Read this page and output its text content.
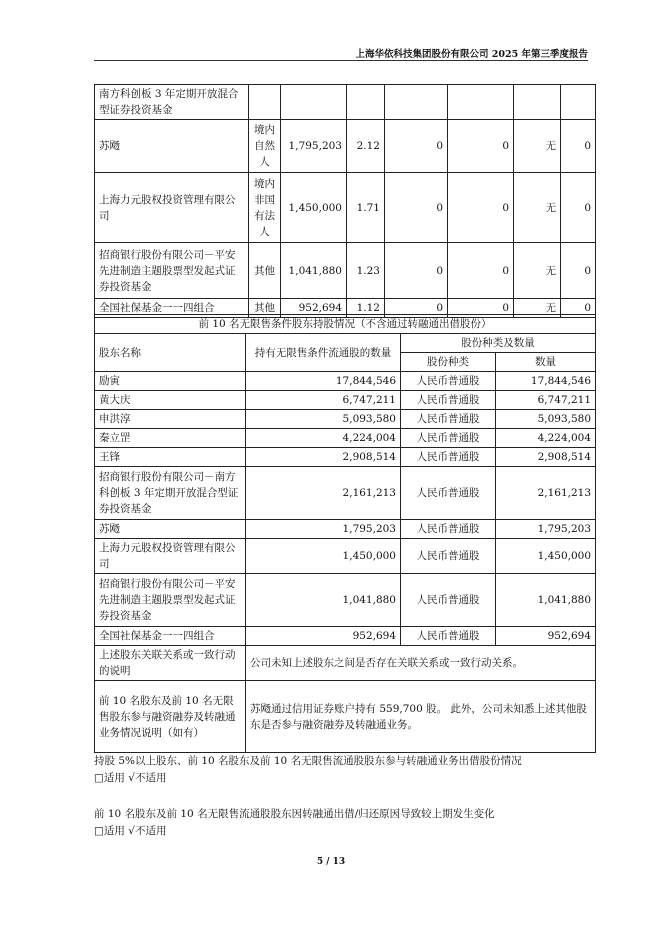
上海华依科技集团股份有限公司 2025 年第三季度报告
南方科创板 3 年定期开放混合型证券投资基金							
苏飏	境内自然人	1,795,203	2.12	0	0	无	0
上海力元股权投资管理有限公司	境内非国有法人	1,450,000	1.71	0	0	无	0
招商银行股份有限公司－平安先进制造主题股票型发起式证券投资基金	其他	1,041,880	1.23	0	0	无	0
全国社保基金一一四组合	其他	952,694	1.12	0	0	无	0
前 10 名无限售条件股东持股情况（不含通过转融通出借股份）			
股东名称	持有无限售条件流通股的数量	股份种类及数量	
		股份种类	数量
励寅	17,844,546	人民币普通股	17,844,546
黄大庆	6,747,211	人民币普通股	6,747,211
申洪淳	5,093,580	人民币普通股	5,093,580
秦立罡	4,224,004	人民币普通股	4,224,004
王锋	2,908,514	人民币普通股	2,908,514
招商银行股份有限公司－南方科创板 3 年定期开放混合型证券投资基金	2,161,213	人民币普通股	2,161,213
苏飏	1,795,203	人民币普通股	1,795,203
上海力元股权投资管理有限公司	1,450,000	人民币普通股	1,450,000
招商银行股份有限公司－平安先进制造主题股票型发起式证券投资基金	1,041,880	人民币普通股	1,041,880
全国社保基金一一四组合	952,694	人民币普通股	952,694
上述股东关联关系或一致行动的说明	公司未知上述股东之间是否存在关联关系或一致行动关系。		
前 10 名股东及前 10 名无限售股东参与融资融券及转融通业务情况说明（如有）	苏飏通过信用证券账户持有 559,700 股。 此外，公司未知悉上述其他股东是否参与融资融券及转融通业务。		
持股 5%以上股东、前 10 名股东及前 10 名无限售流通股股东参与转融通业务出借股份情况
□适用 √不适用
前 10 名股东及前 10 名无限售流通股股东因转融通出借/归还原因导致较上期发生变化
□适用 √不适用
5 / 13
